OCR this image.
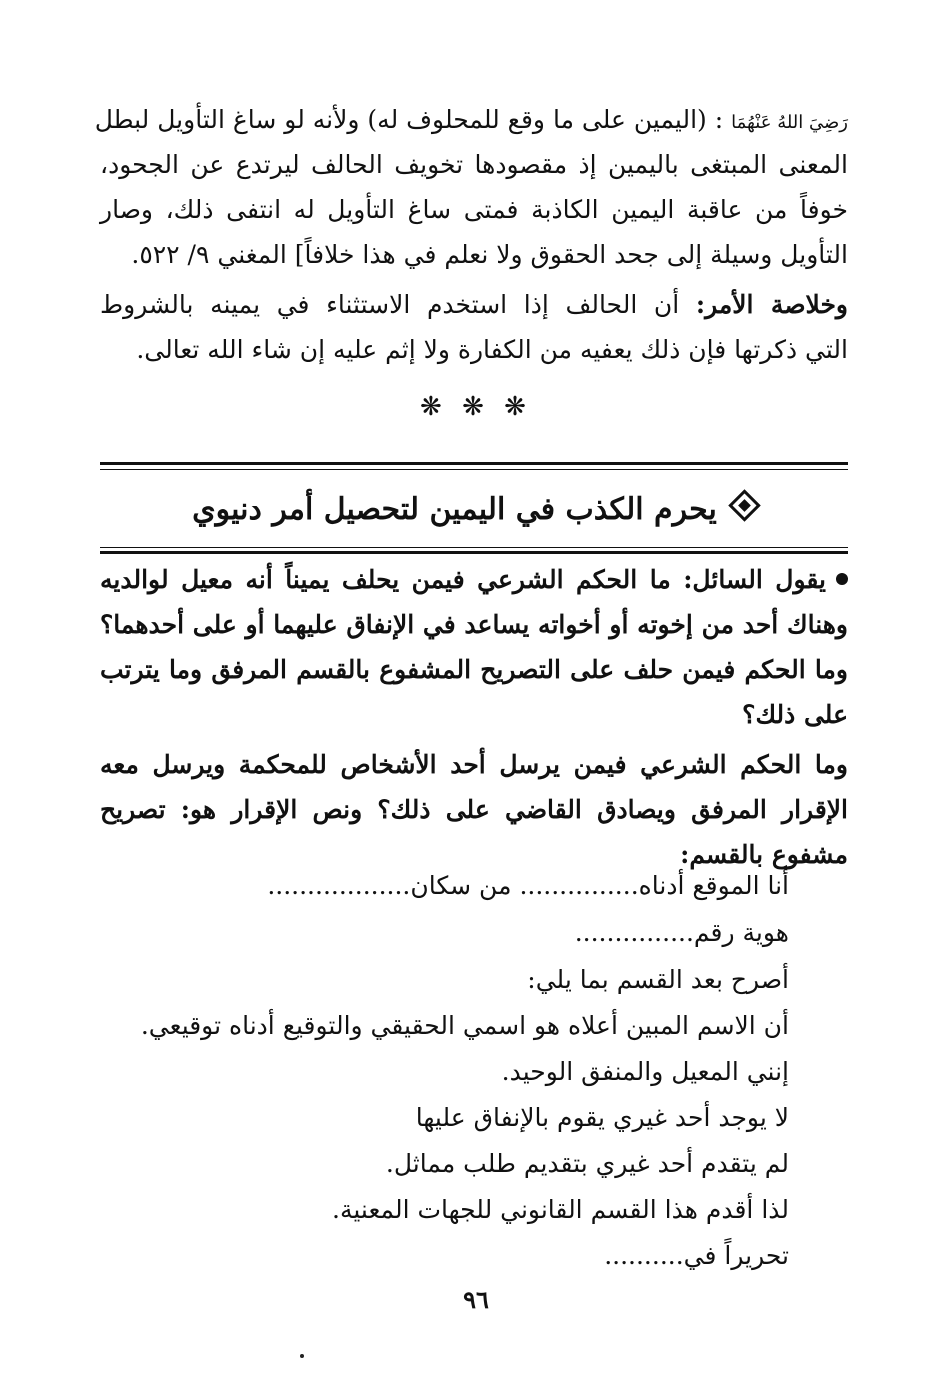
رَضِيَ اللهُ عَنْهُمَا : (اليمين على ما وقع للمحلوف له) ولأنه لو ساغ التأويل لبطل
المعنى المبتغى باليمين إذ مقصودها تخويف الحالف ليرتدع عن الجحود،
خوفاً من عاقبة اليمين الكاذبة فمتى ساغ التأويل له انتفى ذلك، وصار
التأويل وسيلة إلى جحد الحقوق ولا نعلم في هذا خلافاً] المغني ٩/ ٥٢٢.
وخلاصة الأمر: أن الحالف إذا استخدم الاستثناء في يمينه بالشروط
التي ذكرتها فإن ذلك يعفيه من الكفارة ولا إثم عليه إن شاء الله تعالى.
❋ ❋ ❋
يحرم الكذب في اليمين لتحصيل أمر دنيوي
يقول السائل: ما الحكم الشرعي فيمن يحلف يميناً أنه معيل لوالديه
وهناك أحد من إخوته أو أخواته يساعد في الإنفاق عليهما أو على أحدهما؟
وما الحكم فيمن حلف على التصريح المشفوع بالقسم المرفق وما يترتب
على ذلك؟
وما الحكم الشرعي فيمن يرسل أحد الأشخاص للمحكمة ويرسل معه
الإقرار المرفق ويصادق القاضي على ذلك؟ ونص الإقرار هو: تصريح
مشفوع بالقسم:
أنا الموقع أدناه............... من سكان..................
هوية رقم...............
أصرح بعد القسم بما يلي:
أن الاسم المبين أعلاه هو اسمي الحقيقي والتوقيع أدناه توقيعي.
إنني المعيل والمنفق الوحيد.
لا يوجد أحد غيري يقوم بالإنفاق عليها
لم يتقدم أحد غيري بتقديم طلب مماثل.
لذا أقدم هذا القسم القانوني للجهات المعنية.
تحريراً في..........
٩٦
